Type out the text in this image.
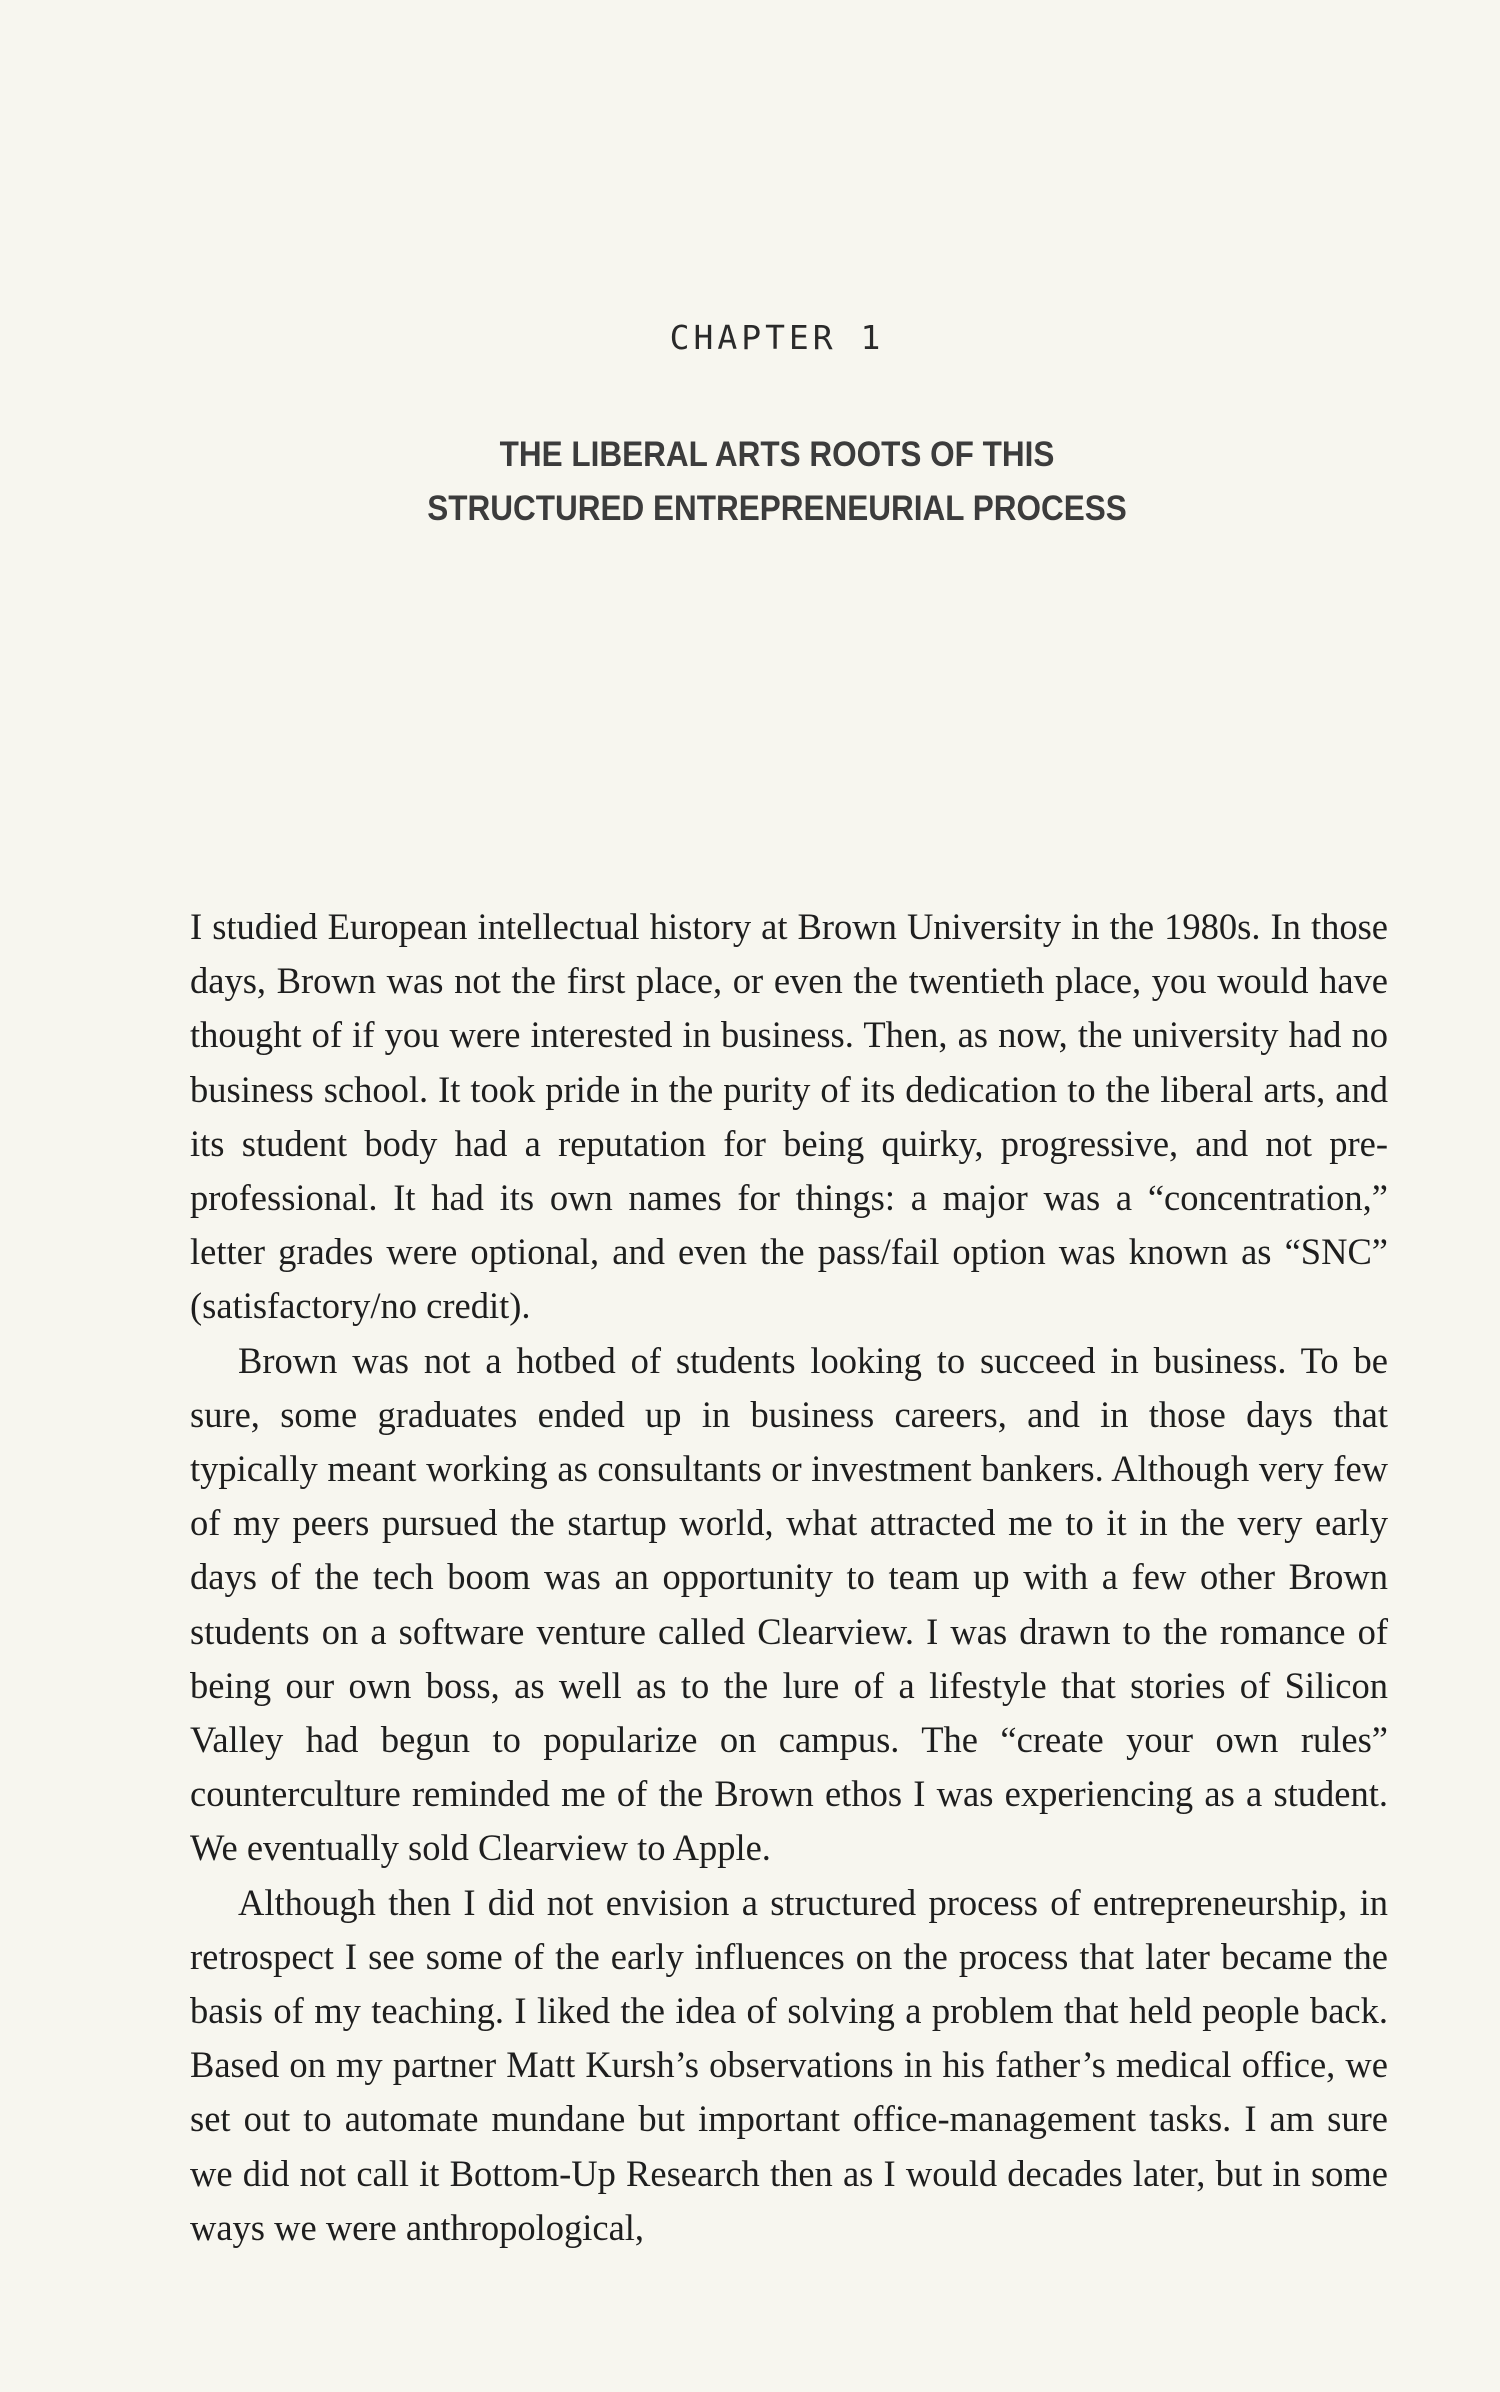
CHAPTER 1
THE LIBERAL ARTS ROOTS OF THIS
STRUCTURED ENTREPRENEURIAL PROCESS

I studied European intellectual history at Brown University in the 1980s. In those days, Brown was not the first place, or even the twentieth place, you would have thought of if you were interested in business. Then, as now, the university had no business school. It took pride in the purity of its dedication to the liberal arts, and its student body had a reputation for being quirky, progressive, and not pre-professional. It had its own names for things: a major was a “concentration,” letter grades were optional, and even the pass/fail option was known as “SNC” (satisfactory/no credit).

Brown was not a hotbed of students looking to succeed in business. To be sure, some graduates ended up in business careers, and in those days that typically meant working as consultants or investment bankers. Although very few of my peers pursued the startup world, what attracted me to it in the very early days of the tech boom was an opportunity to team up with a few other Brown students on a software venture called Clearview. I was drawn to the romance of being our own boss, as well as to the lure of a lifestyle that stories of Silicon Valley had begun to popularize on campus. The “create your own rules” counterculture reminded me of the Brown ethos I was experiencing as a student. We eventually sold Clearview to Apple.

Although then I did not envision a structured process of entrepreneurship, in retrospect I see some of the early influences on the process that later became the basis of my teaching. I liked the idea of solving a problem that held people back. Based on my partner Matt Kursh’s observations in his father’s medical office, we set out to automate mundane but important office-management tasks. I am sure we did not call it Bottom-Up Research then as I would decades later, but in some ways we were anthropological,
